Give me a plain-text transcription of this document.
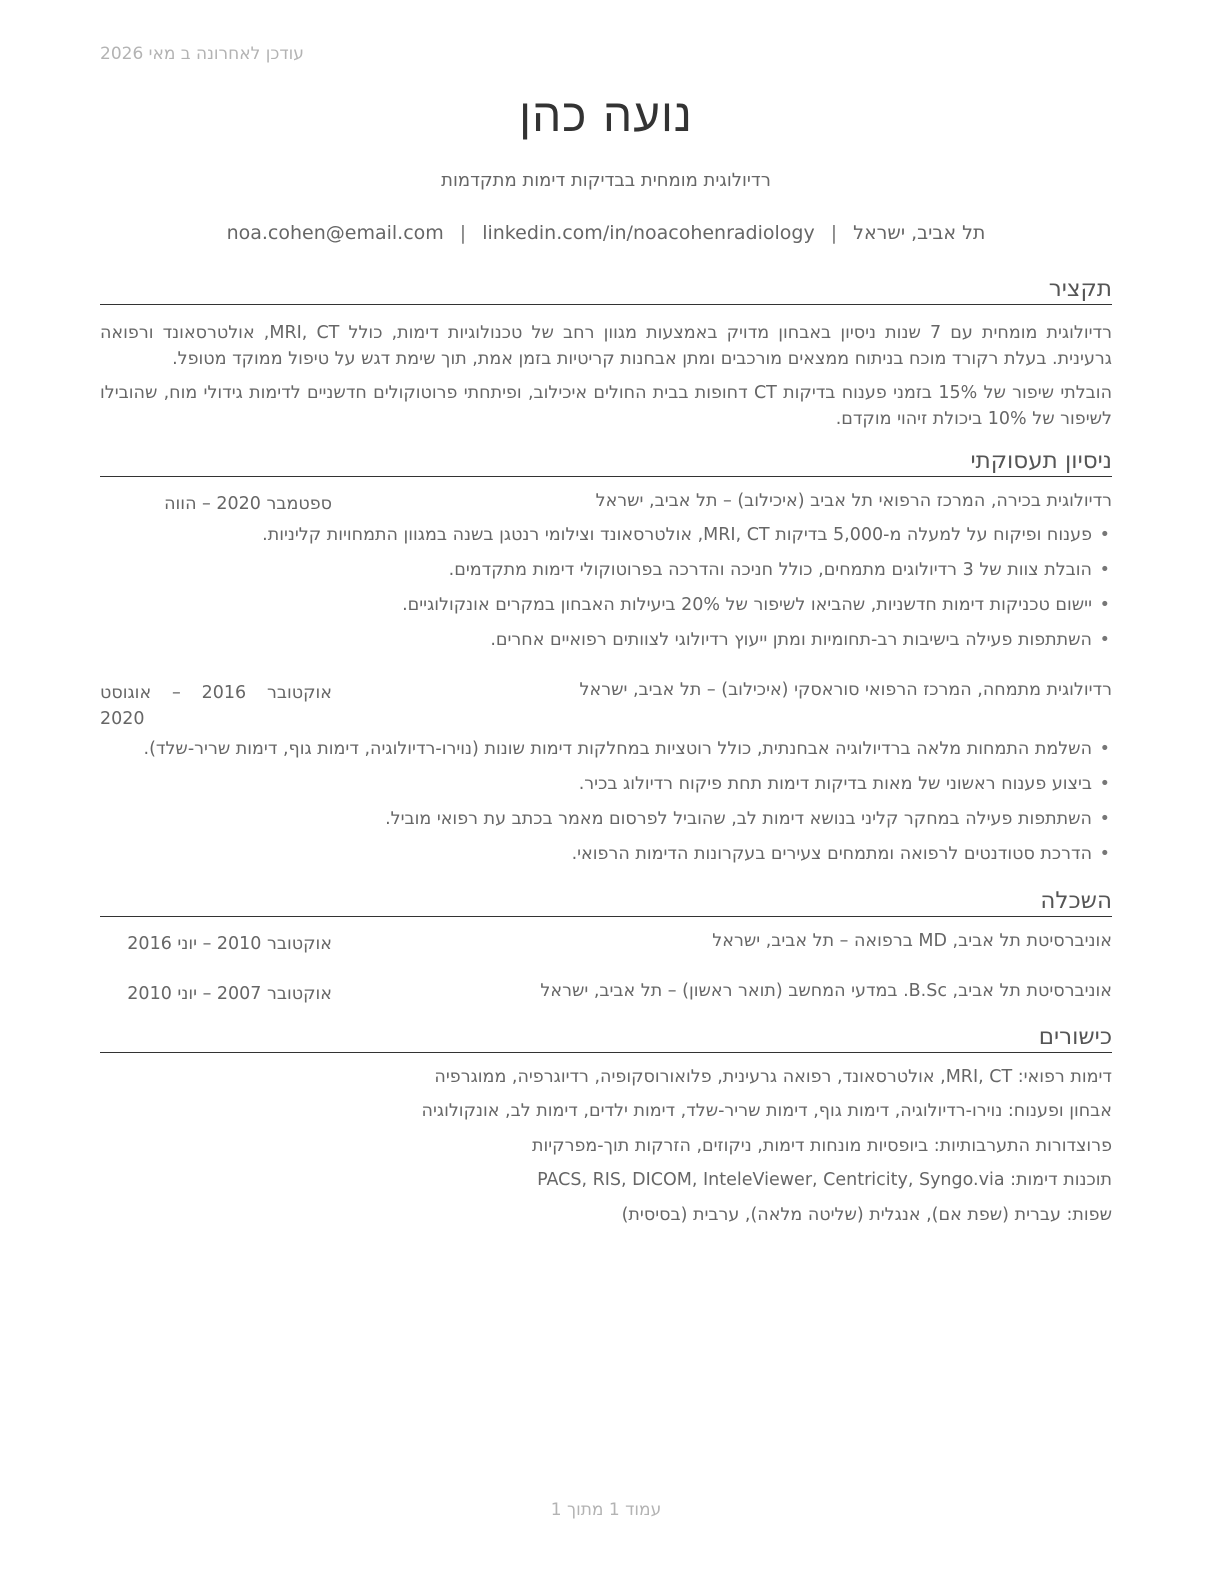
עודכן לאחרונה ב מאי 2026
נועה כהן
רדיולוגית מומחית בבדיקות דימות מתקדמות
תל אביב, ישראל|noa.cohen@email.com | linkedin.com/in/noacohenradiology
תקציר
רדיולוגית מומחית עם 7 שנות ניסיון באבחון מדויק באמצעות מגוון רחב של טכנולוגיות דימות, כולל MRI, CT, אולטרסאונד ורפואה גרעינית. בעלת רקורד מוכח בניתוח ממצאים מורכבים ומתן אבחנות קריטיות בזמן אמת, תוך שימת דגש על טיפול ממוקד מטופל.
הובלתי שיפור של 15% בזמני פענוח בדיקות CT דחופות בבית החולים איכילוב, ופיתחתי פרוטוקולים חדשניים לדימות גידולי מוח, שהובילו לשיפור של 10% ביכולת זיהוי מוקדם.
ניסיון תעסוקתי
רדיולוגית בכירה, המרכז הרפואי תל אביב (איכילוב) – תל אביב, ישראל
ספטמבר 2020 – הווה
• פענוח ופיקוח על למעלה מ-5,000 בדיקות MRI, CT, אולטרסאונד וצילומי רנטגן בשנה במגוון התמחויות קליניות.
• הובלת צוות של 3 רדיולוגים מתמחים, כולל חניכה והדרכה בפרוטוקולי דימות מתקדמים.
• יישום טכניקות דימות חדשניות, שהביאו לשיפור של 20% ביעילות האבחון במקרים אונקולוגיים.
• השתתפות פעילה בישיבות רב-תחומיות ומתן ייעוץ רדיולוגי לצוותים רפואיים אחרים.
רדיולוגית מתמחה, המרכז הרפואי סוראסקי (איכילוב) – תל אביב, ישראל
אוקטובר 2016 – אוגוסט 2020
• השלמת התמחות מלאה ברדיולוגיה אבחנתית, כולל רוטציות במחלקות דימות שונות (נוירו-רדיולוגיה, דימות גוף, דימות שריר-שלד).
• ביצוע פענוח ראשוני של מאות בדיקות דימות תחת פיקוח רדיולוג בכיר.
• השתתפות פעילה במחקר קליני בנושא דימות לב, שהוביל לפרסום מאמר בכתב עת רפואי מוביל.
• הדרכת סטודנטים לרפואה ומתמחים צעירים בעקרונות הדימות הרפואי.
השכלה
אוניברסיטת תל אביב, MD ברפואה – תל אביב, ישראל
אוקטובר 2010 – יוני 2016
אוניברסיטת תל אביב, B.Sc. במדעי המחשב (תואר ראשון) – תל אביב, ישראל
אוקטובר 2007 – יוני 2010
כישורים
דימות רפואי: MRI, CT, אולטרסאונד, רפואה גרעינית, פלואורוסקופיה, רדיוגרפיה, ממוגרפיה
אבחון ופענוח: נוירו-רדיולוגיה, דימות גוף, דימות שריר-שלד, דימות ילדים, דימות לב, אונקולוגיה
פרוצדורות התערבותיות: ביופסיות מונחות דימות, ניקוזים, הזרקות תוך-מפרקיות
תוכנות דימות: PACS, RIS, DICOM, InteleViewer, Centricity, Syngo.via
שפות: עברית (שפת אם), אנגלית (שליטה מלאה), ערבית (בסיסית)
עמוד 1 מתוך 1
